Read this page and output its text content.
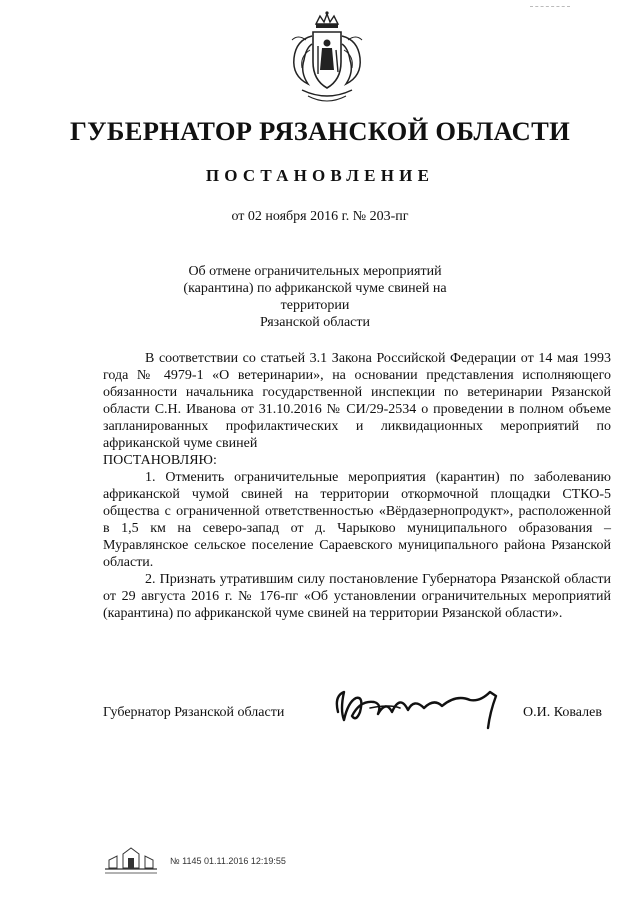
ГУБЕРНАТОР РЯЗАНСКОЙ ОБЛАСТИ
ПОСТАНОВЛЕНИЕ
от 02 ноября 2016 г. № 203-пг
Об отмене ограничительных мероприятий
(карантина) по африканской чуме свиней на территории
Рязанской области

В соответствии со статьей 3.1 Закона Российской Федерации от 14 мая 1993 года № 4979-1 «О ветеринарии», на основании представления исполняющего обязанности начальника государственной инспекции по ветеринарии Рязанской области С.Н. Иванова от 31.10.2016 № СИ/29-2534 о проведении в полном объеме запланированных профилактических и ликвидационных мероприятий по африканской чуме свиней
ПОСТАНОВЛЯЮ:

1. Отменить ограничительные мероприятия (карантин) по заболеванию африканской чумой свиней на территории откормочной площадки СТКО-5 общества с ограниченной ответственностью «Вёрдазернопродукт», расположенной в 1,5 км на северо-запад от д. Чарыково муниципального образования – Муравлянское сельское поселение Сараевского муниципального района Рязанской области.

2. Признать утратившим силу постановление Губернатора Рязанской области от 29 августа 2016 г. № 176-пг «Об установлении ограничительных мероприятий (карантина) по африканской чуме свиней на территории Рязанской области».

Губернатор Рязанской области	О.И. Ковалев
№ 1145 01.11.2016 12:19:55
